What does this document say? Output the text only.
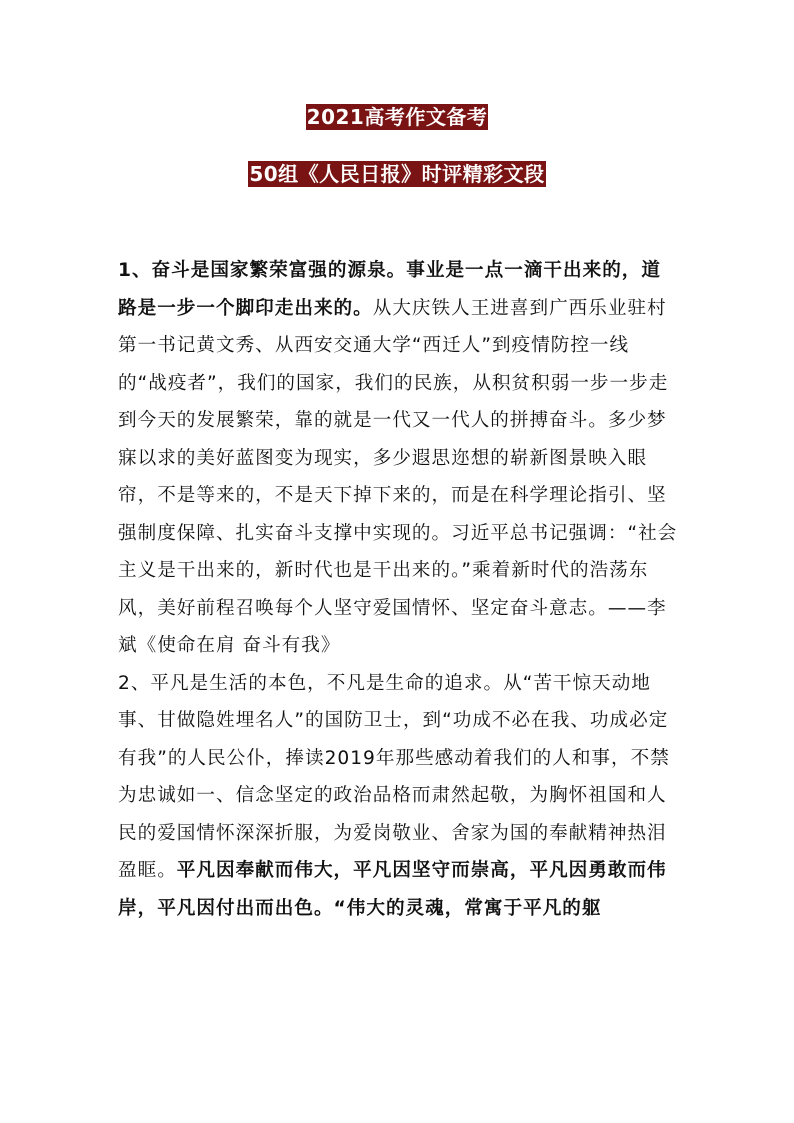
2021高考作文备考
50组《人民日报》时评精彩文段

1、奋斗是国家繁荣富强的源泉。事业是一点一滴干出来的，道路是一步一个脚印走出来的。从大庆铁人王进喜到广西乐业驻村第一书记黄文秀、从西安交通大学“西迁人”到疫情防控一线的“战疫者”，我们的国家，我们的民族，从积贫积弱一步一步走到今天的发展繁荣，靠的就是一代又一代人的拼搏奋斗。多少梦寐以求的美好蓝图变为现实，多少遐思迩想的崭新图景映入眼帘，不是等来的，不是天下掉下来的，而是在科学理论指引、坚强制度保障、扎实奋斗支撑中实现的。习近平总书记强调：“社会主义是干出来的，新时代也是干出来的。”乘着新时代的浩荡东风，美好前程召唤每个人坚守爱国情怀、坚定奋斗意志。——李斌《使命在肩 奋斗有我》

2、平凡是生活的本色，不凡是生命的追求。从“苦干惊天动地事、甘做隐姓埋名人”的国防卫士，到“功成不必在我、功成必定有我”的人民公仆，捧读2019年那些感动着我们的人和事，不禁为忠诚如一、信念坚定的政治品格而肃然起敬，为胸怀祖国和人民的爱国情怀深深折服，为爱岗敬业、舍家为国的奉献精神热泪盈眶。平凡因奉献而伟大，平凡因坚守而崇高，平凡因勇敢而伟岸，平凡因付出而出色。“伟大的灵魂，常寓于平凡的躯
